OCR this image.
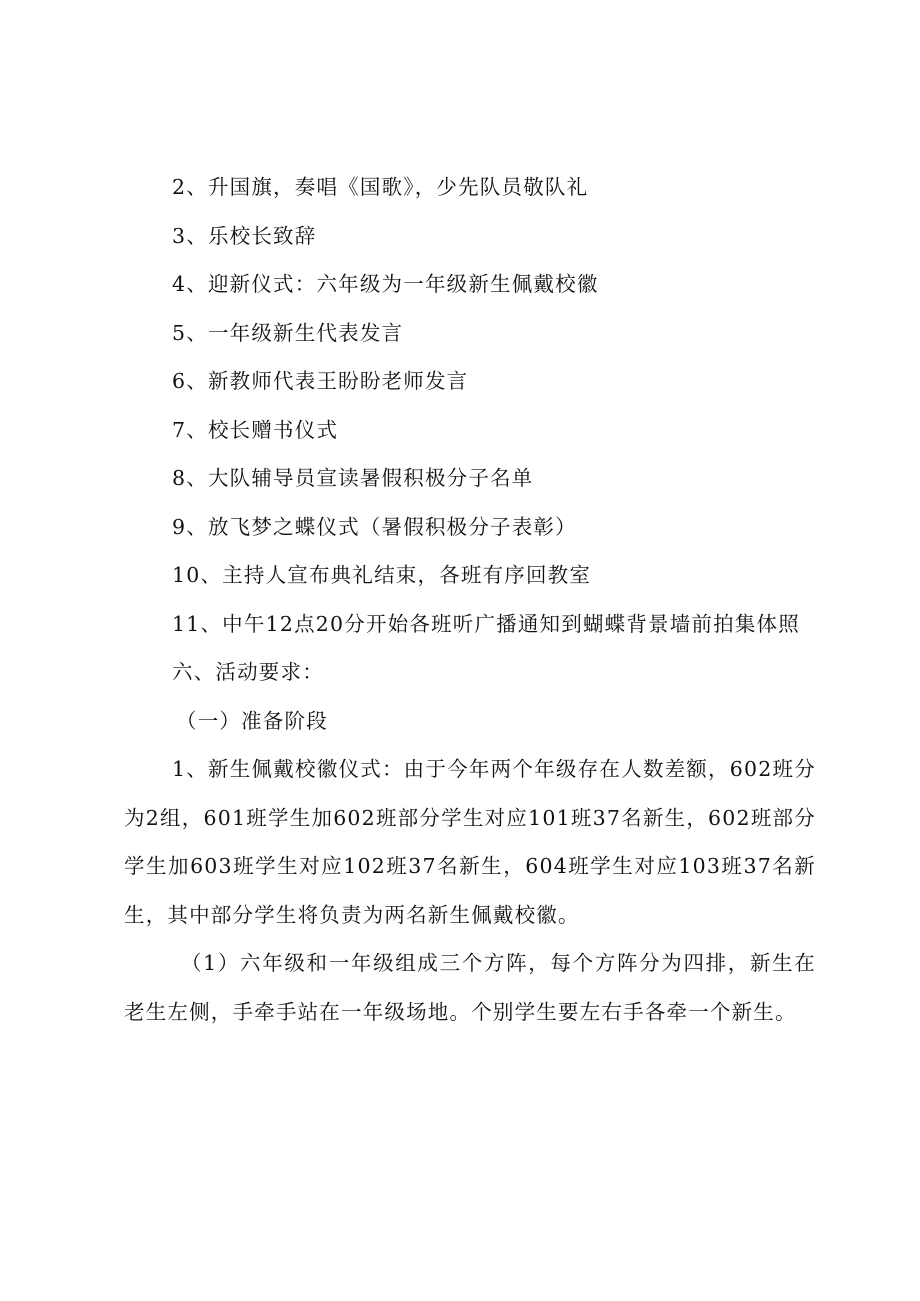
2、升国旗，奏唱《国歌》，少先队员敬队礼
3、乐校长致辞
4、迎新仪式：六年级为一年级新生佩戴校徽
5、一年级新生代表发言
6、新教师代表王盼盼老师发言
7、校长赠书仪式
8、大队辅导员宣读暑假积极分子名单
9、放飞梦之蝶仪式（暑假积极分子表彰）
10、主持人宣布典礼结束，各班有序回教室
11、中午12点20分开始各班听广播通知到蝴蝶背景墙前拍集体照
六、活动要求：
（一）准备阶段
1、新生佩戴校徽仪式：由于今年两个年级存在人数差额，602班分为2组，601班学生加602班部分学生对应101班37名新生，602班部分学生加603班学生对应102班37名新生，604班学生对应103班37名新生，其中部分学生将负责为两名新生佩戴校徽。
（1）六年级和一年级组成三个方阵，每个方阵分为四排，新生在老生左侧，手牵手站在一年级场地。个别学生要左右手各牵一个新生。
